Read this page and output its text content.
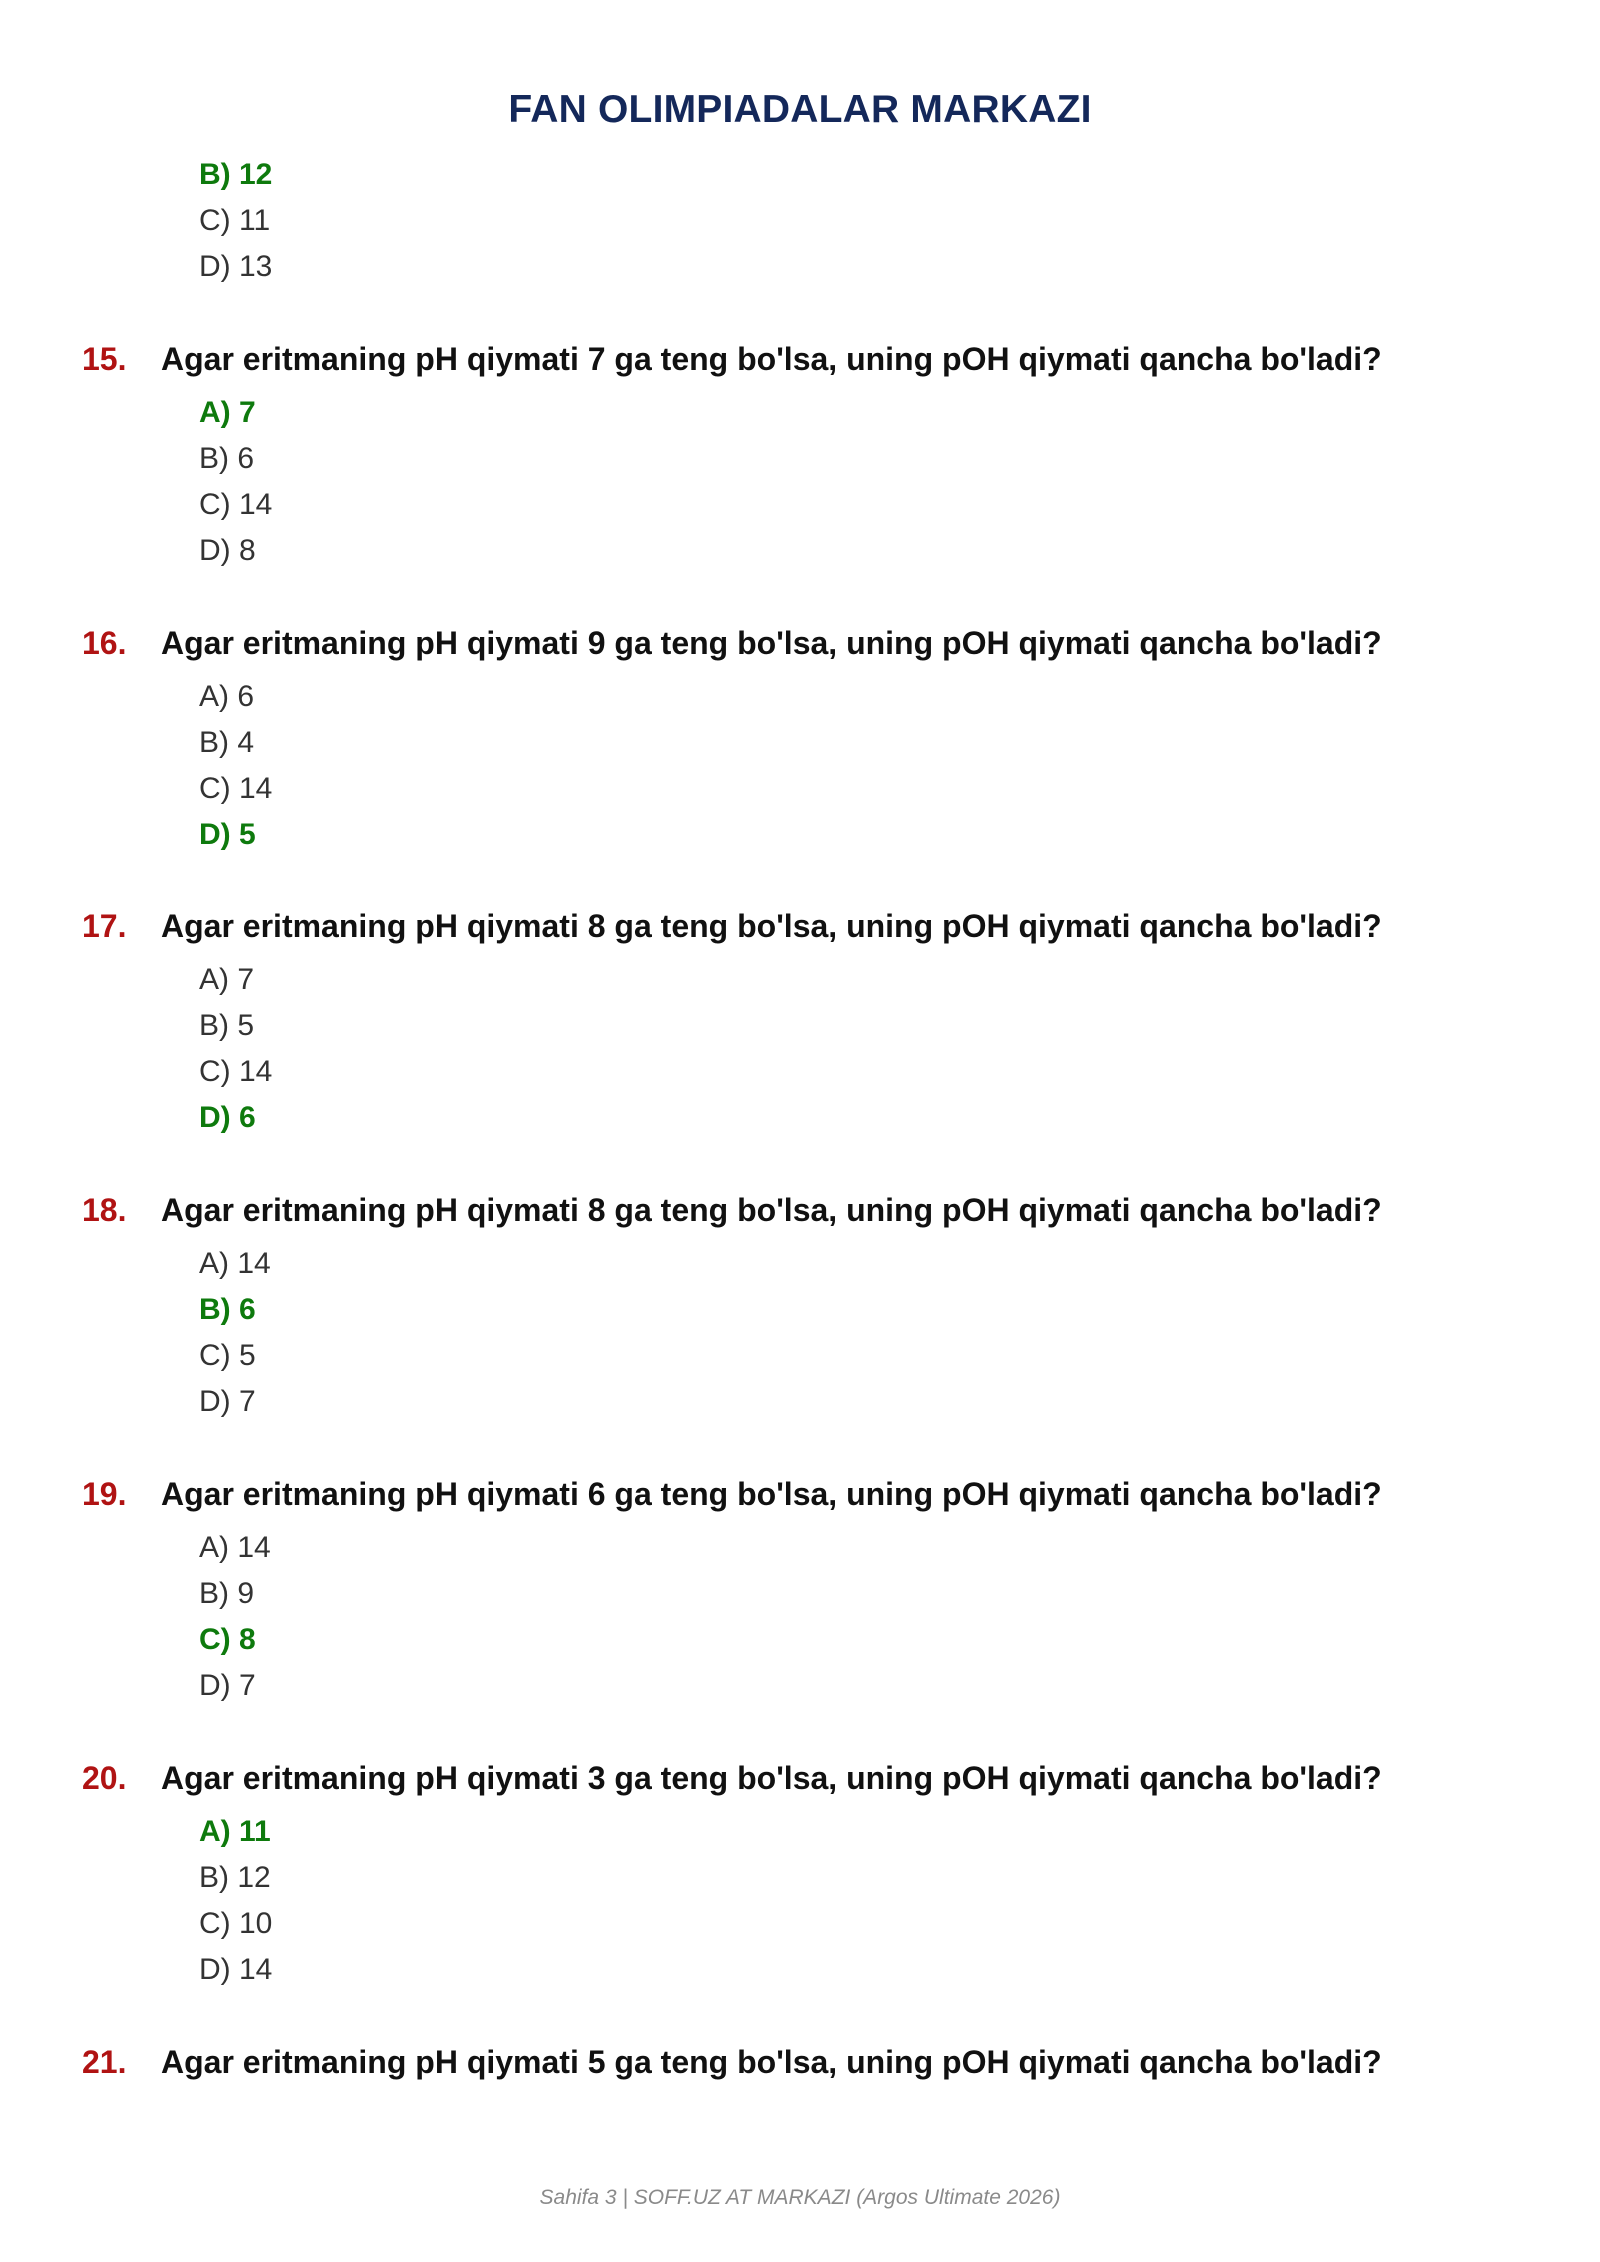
FAN OLIMPIADALAR MARKAZI
B) 12
C) 11
D) 13
15. Agar eritmaning pH qiymati 7 ga teng bo'lsa, uning pOH qiymati qancha bo'ladi?
A) 7
B) 6
C) 14
D) 8
16. Agar eritmaning pH qiymati 9 ga teng bo'lsa, uning pOH qiymati qancha bo'ladi?
A) 6
B) 4
C) 14
D) 5
17. Agar eritmaning pH qiymati 8 ga teng bo'lsa, uning pOH qiymati qancha bo'ladi?
A) 7
B) 5
C) 14
D) 6
18. Agar eritmaning pH qiymati 8 ga teng bo'lsa, uning pOH qiymati qancha bo'ladi?
A) 14
B) 6
C) 5
D) 7
19. Agar eritmaning pH qiymati 6 ga teng bo'lsa, uning pOH qiymati qancha bo'ladi?
A) 14
B) 9
C) 8
D) 7
20. Agar eritmaning pH qiymati 3 ga teng bo'lsa, uning pOH qiymati qancha bo'ladi?
A) 11
B) 12
C) 10
D) 14
21. Agar eritmaning pH qiymati 5 ga teng bo'lsa, uning pOH qiymati qancha bo'ladi?
Sahifa 3 | SOFF.UZ AT MARKAZI (Argos Ultimate 2026)
